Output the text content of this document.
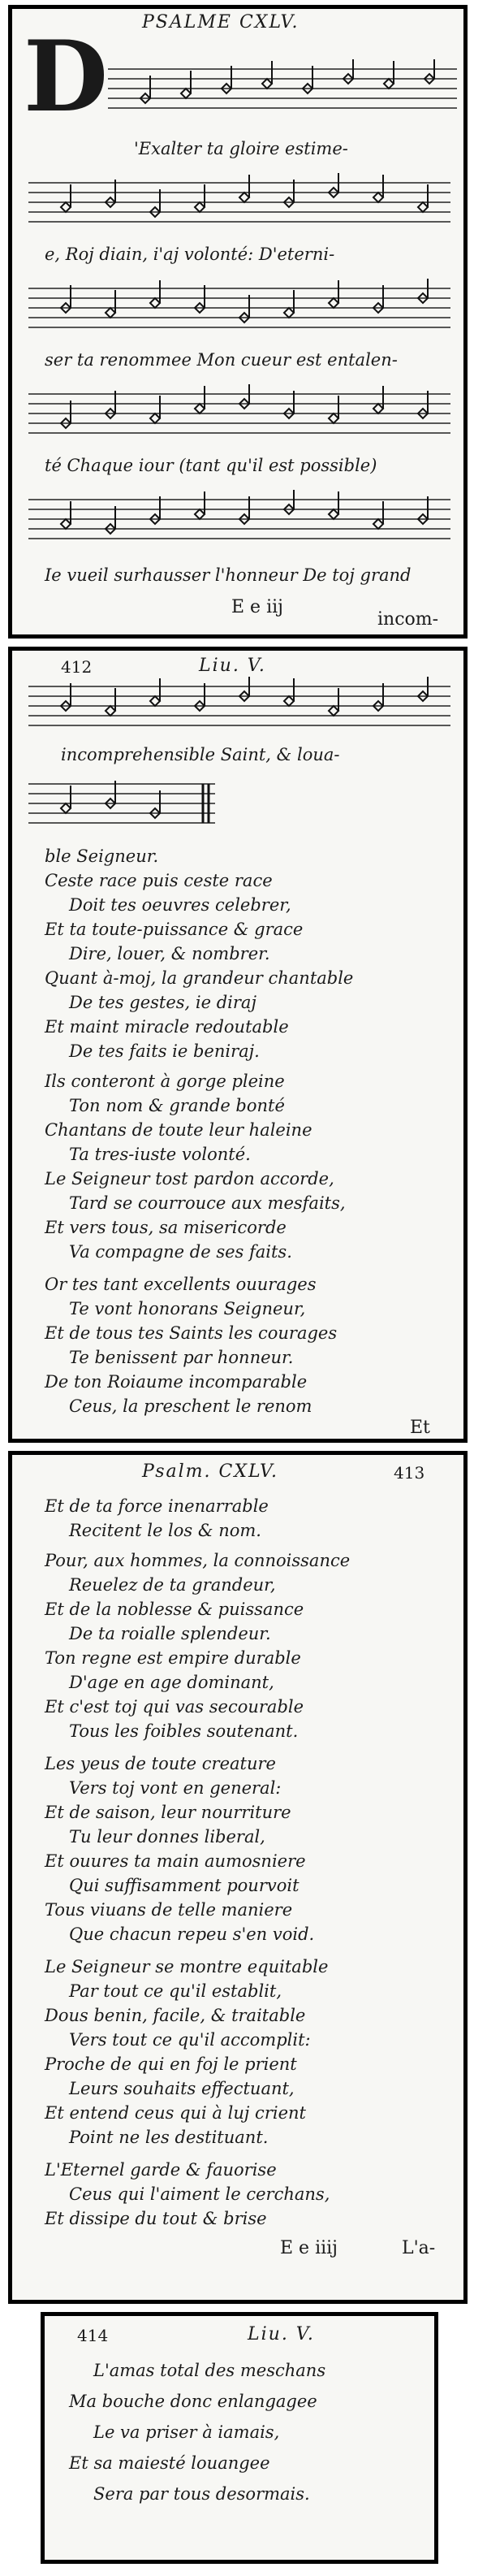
PSALME CXLV.
D
'Exalter ta gloire estime-
e, Roj diain, i'aj volonté: D'eterni-
ser ta renommee Mon cueur est entalen-
té Chaque iour (tant qu'il est possible)
Ie vueil surhausser l'honneur De toj grand
E e iij
incom-
412	Liu. V.
incomprehensible Saint, & loua-
ble Seigneur.
Ceste race puis ceste race
Doit tes oeuvres celebrer,
Et ta toute-puissance & grace
Dire, louer, & nombrer.
Quant à-moj, la grandeur chantable
De tes gestes, ie diraj
Et maint miracle redoutable
De tes faits ie beniraj.
Ils conteront à gorge pleine
Ton nom & grande bonté
Chantans de toute leur haleine
Ta tres-iuste volonté.
Le Seigneur tost pardon accorde,
Tard se courrouce aux mesfaits,
Et vers tous, sa misericorde
Va compagne de ses faits.
Or tes tant excellents ouurages
Te vont honorans Seigneur,
Et de tous tes Saints les courages
Te benissent par honneur.
De ton Roiaume incomparable
Ceus, la preschent le renom
Et
Psalm. CXLV.	413
Et de ta force inenarrable
Recitent le los & nom.
Pour, aux hommes, la connoissance
Reuelez de ta grandeur,
Et de la noblesse & puissance
De ta roialle splendeur.
Ton regne est empire durable
D'age en age dominant,
Et c'est toj qui vas secourable
Tous les foibles soutenant.
Les yeus de toute creature
Vers toj vont en general:
Et de saison, leur nourriture
Tu leur donnes liberal,
Et ouures ta main aumosniere
Qui suffisamment pourvoit
Tous viuans de telle maniere
Que chacun repeu s'en void.
Le Seigneur se montre equitable
Par tout ce qu'il establit,
Dous benin, facile, & traitable
Vers tout ce qu'il accomplit:
Proche de qui en foj le prient
Leurs souhaits effectuant,
Et entend ceus qui à luj crient
Point ne les destituant.
L'Eternel garde & fauorise
Ceus qui l'aiment le cerchans,
Et dissipe du tout & brise
E e iiij	L'a-
414	Liu. V.
L'amas total des meschans
Ma bouche donc enlangagee
Le va priser à iamais,
Et sa maiesté louangee
Sera par tous desormais.
